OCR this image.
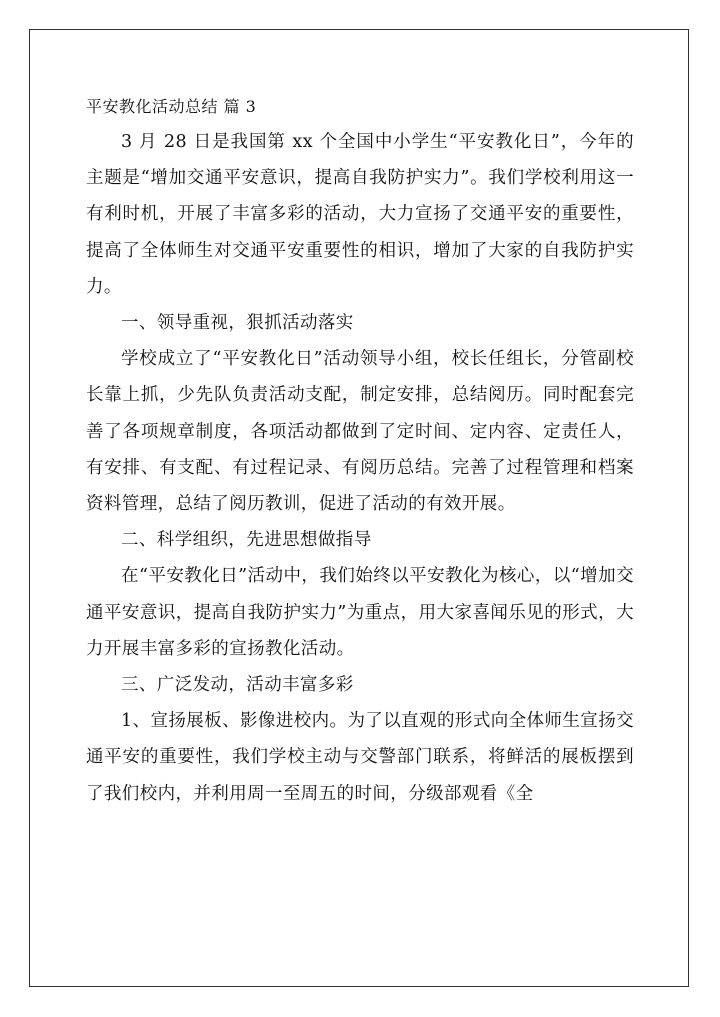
平安教化活动总结 篇 3

3 月 28 日是我国第 xx 个全国中小学生“平安教化日”，今年的主题是“增加交通平安意识，提高自我防护实力”。我们学校利用这一有利时机，开展了丰富多彩的活动，大力宣扬了交通平安的重要性，提高了全体师生对交通平安重要性的相识，增加了大家的自我防护实力。

一、领导重视，狠抓活动落实

学校成立了“平安教化日”活动领导小组，校长任组长，分管副校长靠上抓，少先队负责活动支配，制定安排，总结阅历。同时配套完善了各项规章制度，各项活动都做到了定时间、定内容、定责任人，有安排、有支配、有过程记录、有阅历总结。完善了过程管理和档案资料管理，总结了阅历教训，促进了活动的有效开展。

二、科学组织，先进思想做指导

在“平安教化日”活动中，我们始终以平安教化为核心，以“增加交通平安意识，提高自我防护实力”为重点，用大家喜闻乐见的形式，大力开展丰富多彩的宣扬教化活动。

三、广泛发动，活动丰富多彩

1、宣扬展板、影像进校内。为了以直观的形式向全体师生宣扬交通平安的重要性，我们学校主动与交警部门联系，将鲜活的展板摆到了我们校内，并利用周一至周五的时间，分级部观看《全
